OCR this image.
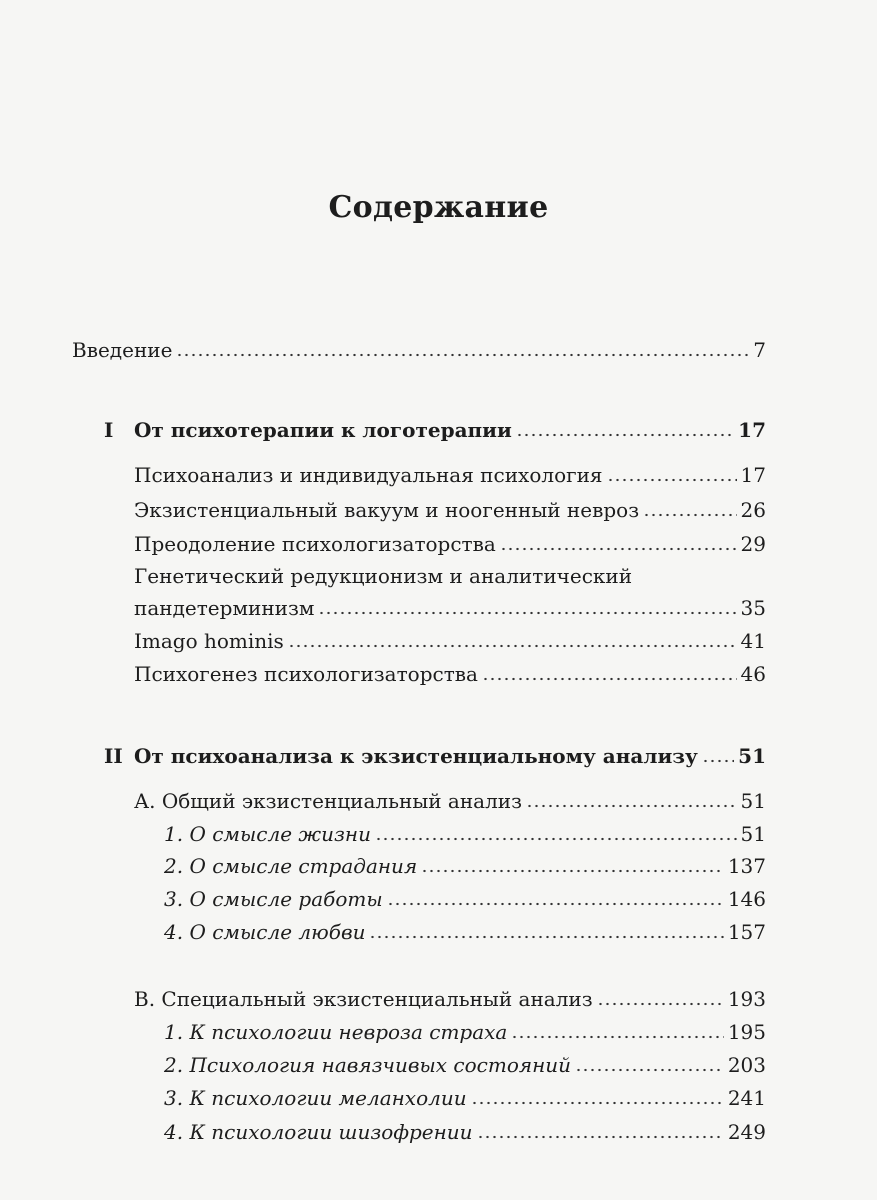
Содержание
Введение	7
I От психотерапии к логотерапии	17
Психоанализ и индивидуальная психология	17
Экзистенциальный вакуум и ноогенный невроз	26
Преодоление психологизаторства	29
Генетический редукционизм и аналитический
пандетерминизм	35
Imago hominis	41
Психогенез психологизаторства	46
II От психоанализа к экзистенциальному анализу 51
А. Общий экзистенциальный анализ	51
1. О смысле жизни	51
2. О смысле страдания	137
3. О смысле работы	146
4. О смысле любви	157
В. Специальный экзистенциальный анализ	193
1. К психологии невроза страха	195
2. Психология навязчивых состояний	203
3. К психологии меланхолии	241
4. К психологии шизофрении	249
